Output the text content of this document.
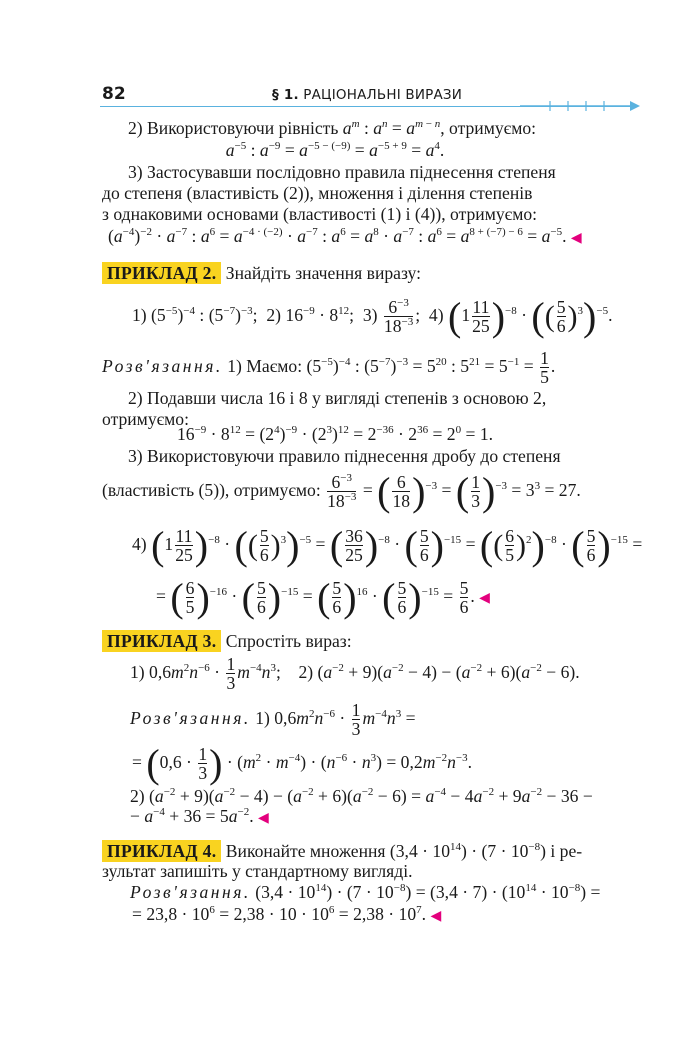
82	§ 1. РАЦІОНАЛЬНІ ВИРАЗИ
2) Використовуючи рівність $a^m$ : $a^n = a^{m - n}$, отримуємо:
$a^{-5}$ : $a^{-9} = a^{-5 - (-9)} = a^{-5 + 9} = a^4$.
3) Застосувавши послідовно правила піднесення степеня
до степеня (властивість (2)), множення і ділення степенів
з однаковими основами (властивості (1) і (4)), отримуємо:
$(a^{-4})^{-2} \cdot a^{-7}$ : $a^6 = a^{-4 \cdot (-2)} \cdot a^{-7}$ : $a^6 = a^8 \cdot a^{-7}$ : $a^6 = a^{8 + (-7) - 6} = a^{-5}$. ◀
ПРИКЛАД 2. Знайдіть значення виразу:
1) $(5^{-5})^{-4}$ : $(5^{-7})^{-3}$;  2) $16^{-9} \cdot 8^{12}$;  $3) \frac{6^{-3}}{18^{-3}}$ ;  4) $(1 \frac{11}{25} )^{-8}$ · (( $\frac{5}{6} )^3)^{-5}$.
Розв'язання. 1) Маємо: $(5^{-5})^{-4}$ : $(5^{-7})^{-3} = 5^{20}$ : $5^{21} = 5^{-1} = \frac{1}{5}$ .
2) Подавши числа 16 і 8 у вигляді степенів з основою 2,
отримуємо:
$16^{-9} \cdot 8^{12} = (2^4)^{-9} \cdot (2^3)^{12} = 2^{-36} \cdot 2^{36} = 2^0 = 1$.
3) Використовуючи правило піднесення дробу до степеня
(властивість (5)), отримуємо: $\frac{6^{-3}}{18^{-3}}$ = ( $\frac{6}{18} )^{-3}$ = ( $\frac{1}{3} )^{-3} = 3^3 = 27$.
4) $(1 \frac{11}{25} )^{-8}$ · (( $\frac{5}{6} )^3)^{-5}$ = ( $\frac{36}{25} )^{-8}$ · ( $\frac{5}{6} )^{-15}$ = (( $\frac{6}{5} )^2)^{-8}$ · ( $\frac{5}{6} )^{-15}$ =
= ( $\frac{6}{5} )^{-16}$ · ( $\frac{5}{6} )^{-15}$ = ( $\frac{5}{6} )^{16}$ · ( $\frac{5}{6} )^{-15} = \frac{5}{6}$ . ◀
ПРИКЛАД 3. Спростіть вираз:
1) $0,6m^2n^{-6} \cdot \frac{1}{3} m^{-4}n^3$;    2) $(a^{-2} + 9)(a^{-2} - 4) - (a^{-2} + 6)(a^{-2} - 6)$.
Розв'язання. 1) $0,6m^2n^{-6} \cdot \frac{1}{3} m^{-4}n^3$ =
= ($0,6 \cdot \frac{1}{3}$ ) · $(m^2 \cdot m^{-4}) \cdot (n^{-6} \cdot n^3) = 0,2m^{-2}n^{-3}$.
2) $(a^{-2} + 9)(a^{-2} - 4) - (a^{-2} + 6)(a^{-2} - 6) = a^{-4} - 4a^{-2} + 9a^{-2} - 36$ −
− $a^{-4} + 36 = 5a^{-2}$. ◀
ПРИКЛАД 4. Виконайте множення $(3,4 \cdot 10^{14}) \cdot (7 \cdot 10^{-8})$ і ре-
зультат запишіть у стандартному вигляді.
Розв'язання. $(3,4 \cdot 10^{14}) \cdot (7 \cdot 10^{-8}) = (3,4 \cdot 7) \cdot (10^{14} \cdot 10^{-8})$ =
= $23,8 \cdot 10^6 = 2,38 \cdot 10 \cdot 10^6 = 2,38 \cdot 10^7$. ◀
